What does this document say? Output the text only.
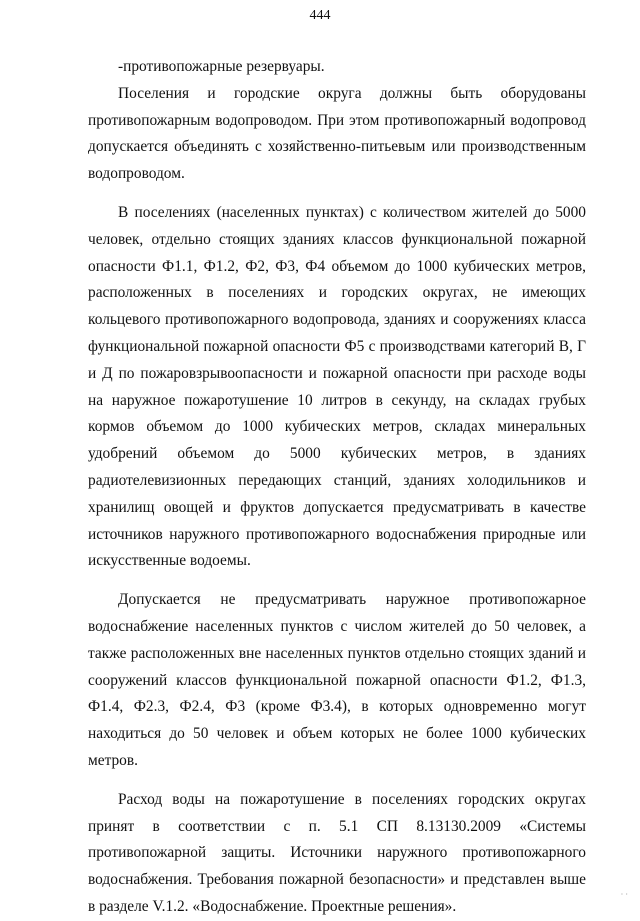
444

-противопожарные резервуары.

Поселения и городские округа должны быть оборудованы противопожарным водопроводом. При этом противопожарный водопровод допускается объединять с хозяйственно-питьевым или производственным водопроводом.

В поселениях (населенных пунктах) с количеством жителей до 5000 человек, отдельно стоящих зданиях классов функциональной пожарной опасности Ф1.1, Ф1.2, Ф2, Ф3, Ф4 объемом до 1000 кубических метров, расположенных в поселениях и городских округах, не имеющих кольцевого противопожарного водопровода, зданиях и сооружениях класса функциональной пожарной опасности Ф5 с производствами категорий В, Г и Д по пожаровзрывоопасности и пожарной опасности при расходе воды на наружное пожаротушение 10 литров в секунду, на складах грубых кормов объемом до 1000 кубических метров, складах минеральных удобрений объемом до 5000 кубических метров, в зданиях радиотелевизионных передающих станций, зданиях холодильников и хранилищ овощей и фруктов допускается предусматривать в качестве источников наружного противопожарного водоснабжения природные или искусственные водоемы.

Допускается не предусматривать наружное противопожарное водоснабжение населенных пунктов с числом жителей до 50 человек, а также расположенных вне населенных пунктов отдельно стоящих зданий и сооружений классов функциональной пожарной опасности Ф1.2, Ф1.3, Ф1.4, Ф2.3, Ф2.4, Ф3 (кроме Ф3.4), в которых одновременно могут находиться до 50 человек и объем которых не более 1000 кубических метров.

Расход воды на пожаротушение в поселениях городских округах принят в соответствии с п. 5.1 СП 8.13130.2009 «Системы противопожарной защиты. Источники наружного противопожарного водоснабжения. Требования пожарной безопасности» и представлен выше в разделе V.1.2. «Водоснабжение. Проектные решения».

· ·
